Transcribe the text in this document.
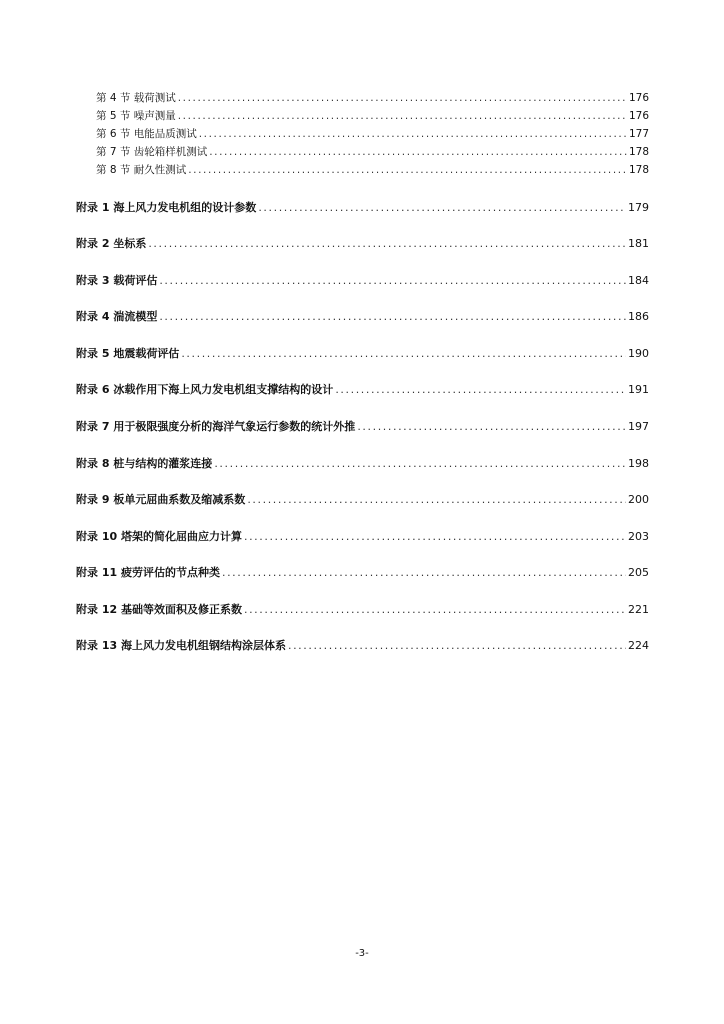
第 4 节 载荷测试 .....	176
第 5 节 噪声测量 .....	176
第 6 节 电能品质测试 .....	177
第 7 节 齿轮箱样机测试 .....	178
第 8 节 耐久性测试 .....	178
附录 1 海上风力发电机组的设计参数 .....	179
附录 2 坐标系 .....	181
附录 3 载荷评估 .....	184
附录 4 湍流模型 .....	186
附录 5 地震载荷评估 .....	190
附录 6 冰载作用下海上风力发电机组支撑结构的设计 .....	191
附录 7 用于极限强度分析的海洋气象运行参数的统计外推 .....	197
附录 8 桩与结构的灌浆连接 .....	198
附录 9 板单元屈曲系数及缩减系数 .....	200
附录 10 塔架的简化屈曲应力计算 .....	203
附录 11 疲劳评估的节点种类 .....	205
附录 12 基础等效面积及修正系数 .....	221
附录 13 海上风力发电机组钢结构涂层体系 .....	224
-3-
